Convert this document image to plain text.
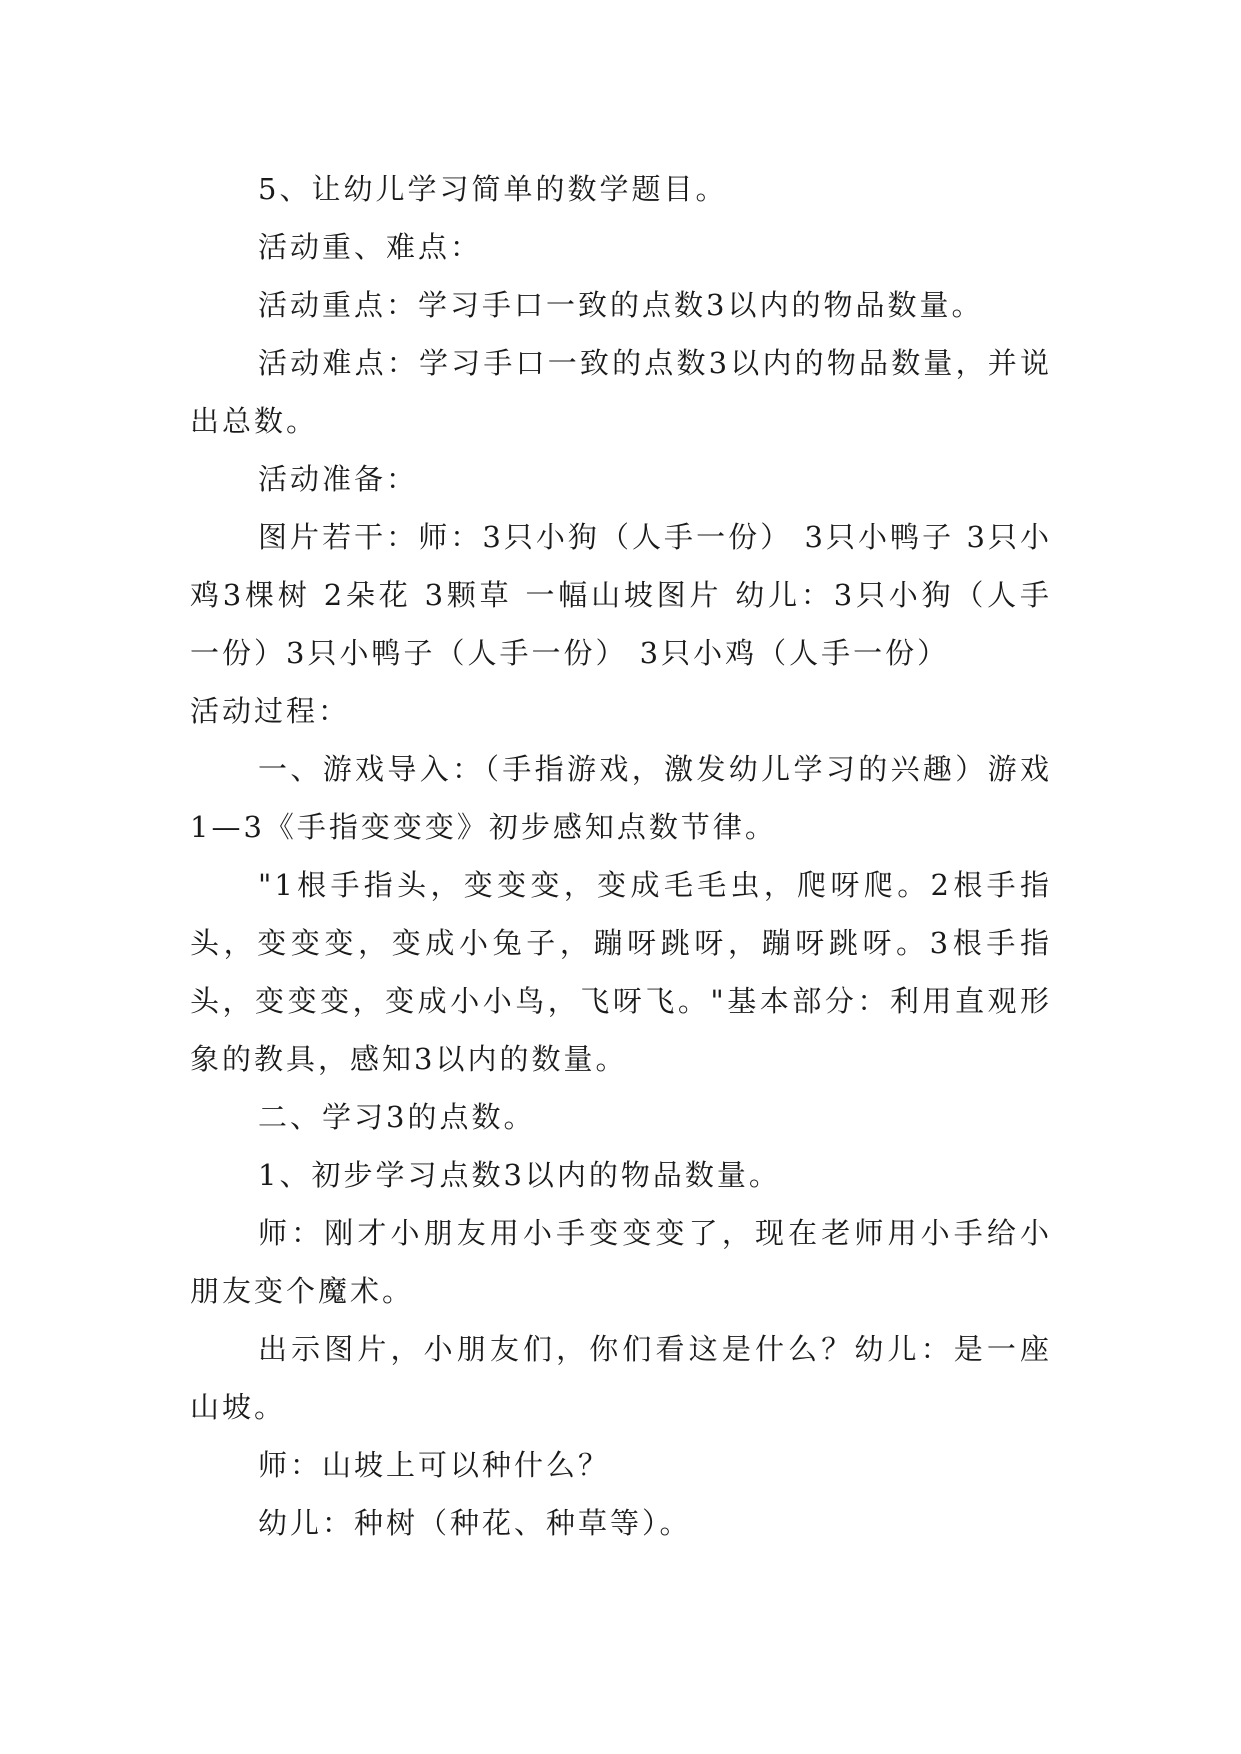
5、让幼儿学习简单的数学题目。

活动重、难点：

活动重点：学习手口一致的点数3以内的物品数量。

活动难点：学习手口一致的点数3以内的物品数量，并说出总数。

活动准备：

图片若干：师：3只小狗（人手一份） 3只小鸭子 3只小鸡3棵树 2朵花 3颗草 一幅山坡图片 幼儿：3只小狗（人手一份）3只小鸭子（人手一份） 3只小鸡（人手一份）

活动过程：

一、游戏导入：（手指游戏，激发幼儿学习的兴趣）游戏1—3《手指变变变》初步感知点数节律。

"1根手指头，变变变，变成毛毛虫，爬呀爬。2根手指头，变变变，变成小兔子，蹦呀跳呀，蹦呀跳呀。3根手指头，变变变，变成小小鸟，飞呀飞。"基本部分：利用直观形象的教具，感知3以内的数量。

二、学习3的点数。

1、初步学习点数3以内的物品数量。

师：刚才小朋友用小手变变变了，现在老师用小手给小朋友变个魔术。

出示图片，小朋友们，你们看这是什么？幼儿：是一座山坡。

师：山坡上可以种什么？

幼儿：种树（种花、种草等）。
